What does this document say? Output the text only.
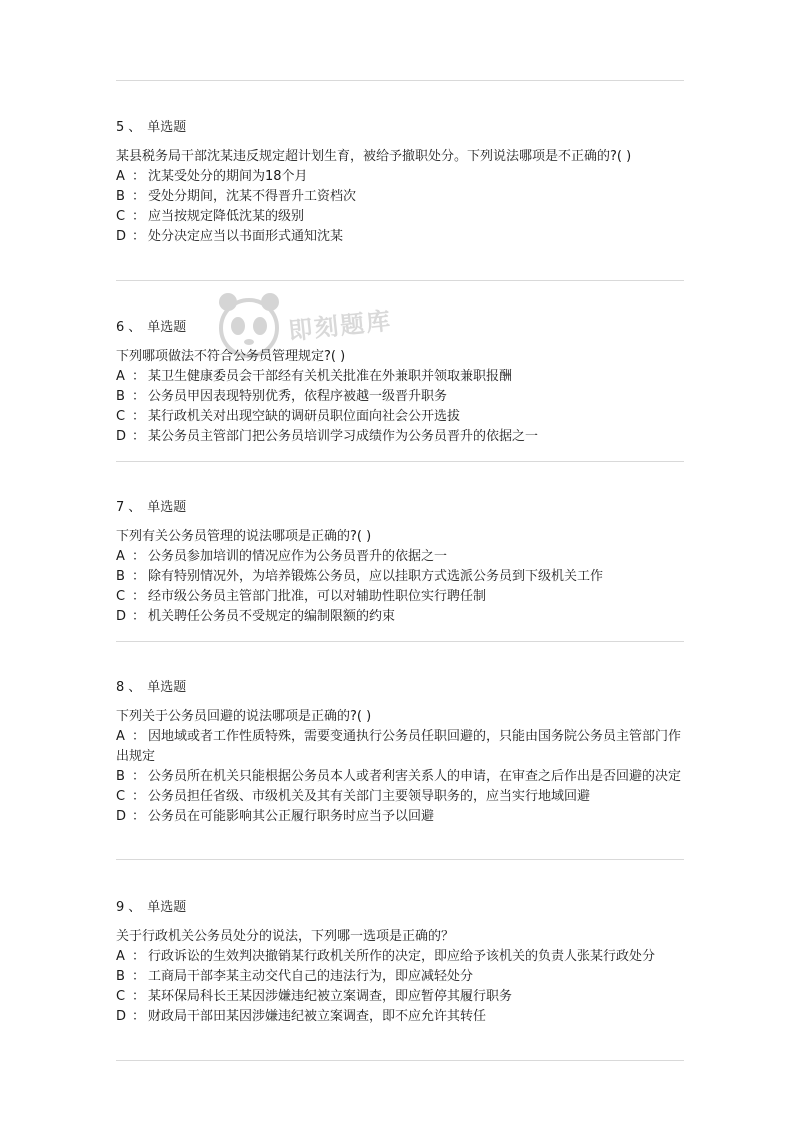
5 、 单选题
某县税务局干部沈某违反规定超计划生育，被给予撤职处分。下列说法哪项是不正确的?( )
A ： 沈某受处分的期间为18个月
B ： 受处分期间，沈某不得晋升工资档次
C ： 应当按规定降低沈某的级别
D ： 处分决定应当以书面形式通知沈某
6 、 单选题
下列哪项做法不符合公务员管理规定?( )
A ： 某卫生健康委员会干部经有关机关批准在外兼职并领取兼职报酬
B ： 公务员甲因表现特别优秀，依程序被越一级晋升职务
C ： 某行政机关对出现空缺的调研员职位面向社会公开选拔
D ： 某公务员主管部门把公务员培训学习成绩作为公务员晋升的依据之一
7 、 单选题
下列有关公务员管理的说法哪项是正确的?( )
A ： 公务员参加培训的情况应作为公务员晋升的依据之一
B ： 除有特别情况外，为培养锻炼公务员，应以挂职方式选派公务员到下级机关工作
C ： 经市级公务员主管部门批准，可以对辅助性职位实行聘任制
D ： 机关聘任公务员不受规定的编制限额的约束
8 、 单选题
下列关于公务员回避的说法哪项是正确的?( )
A ： 因地域或者工作性质特殊，需要变通执行公务员任职回避的，只能由国务院公务员主管部门作出规定
B ： 公务员所在机关只能根据公务员本人或者利害关系人的申请，在审查之后作出是否回避的决定
C ： 公务员担任省级、市级机关及其有关部门主要领导职务的，应当实行地域回避
D ： 公务员在可能影响其公正履行职务时应当予以回避
9 、 单选题
关于行政机关公务员处分的说法，下列哪一选项是正确的？
A ： 行政诉讼的生效判决撤销某行政机关所作的决定，即应给予该机关的负责人张某行政处分
B ： 工商局干部李某主动交代自己的违法行为，即应减轻处分
C ： 某环保局科长王某因涉嫌违纪被立案调查，即应暂停其履行职务
D ： 财政局干部田某因涉嫌违纪被立案调查，即不应允许其转任
即刻题库
